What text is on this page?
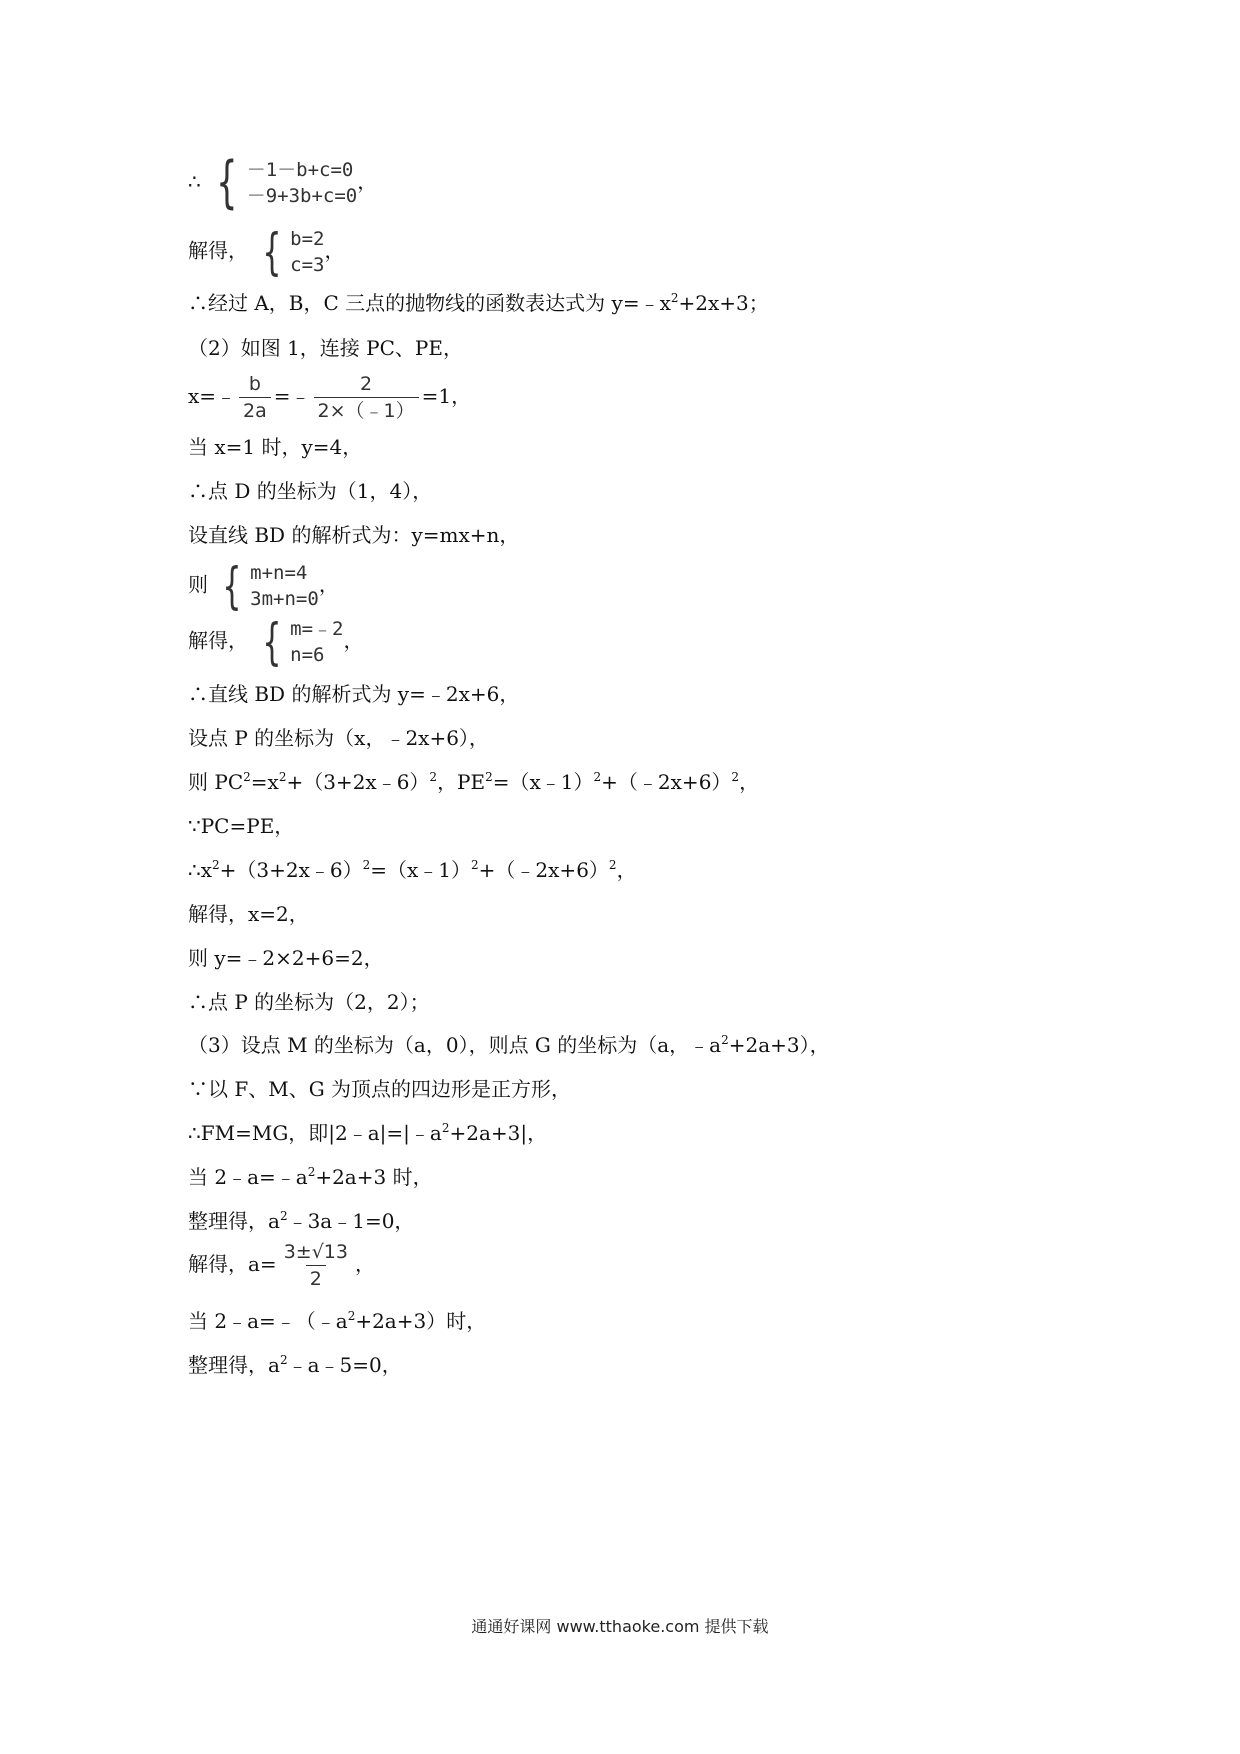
∴ { －1－b+c=0
－9+3b+c=0
，
解得， { b=2
c=3
，
∴经过 A，B，C 三点的抛物线的函数表达式为 $y=﹣x^2+2x+3$；
（2）如图 1，连接 PC、PE，
x=﹣ $\frac{b}{2a}$ =﹣ $\frac{2}{2\times(﹣1)} =1$，
当 x=1 时，y=4，
∴点 D 的坐标为（1，4），
设直线 BD 的解析式为：y=mx+n，
则 { m+n=4
3m+n=0
，
解得， { m=﹣2
n=6
，
∴直线 BD 的解析式为 y=﹣2x+6，
设点 P 的坐标为（x，﹣2x+6），
则 $PC^2=x^2+(3+2x﹣6)^2$，$PE^2=(x﹣1)^2+(﹣2x+6)^2$，
∵PC=PE，
$\therefore x^2+(3+2x﹣6)^2=(x﹣1)^2+(﹣2x+6)^2$，
解得，x=2，
则 y=﹣2×2+6=2，
∴点 P 的坐标为（2，2）；
（3）设点 M 的坐标为（a，0），则点 G 的坐标为（a，$﹣a^2+2a+3$），
∵以 F、M、G 为顶点的四边形是正方形，
∴FM=MG，即$|2﹣a|=|﹣a^2+2a+3|$，
当 $2﹣a=﹣a^2+2a+3$ 时，
整理得，$a^2﹣3a﹣1=0$，
解得，$a= \frac{3\pm√13}{2}$ ，
当 $2﹣a=﹣(﹣a^2+2a+3)$时，
整理得，$a^2﹣a﹣5=0$，
通通好课网 www.tthaoke.com 提供下载
